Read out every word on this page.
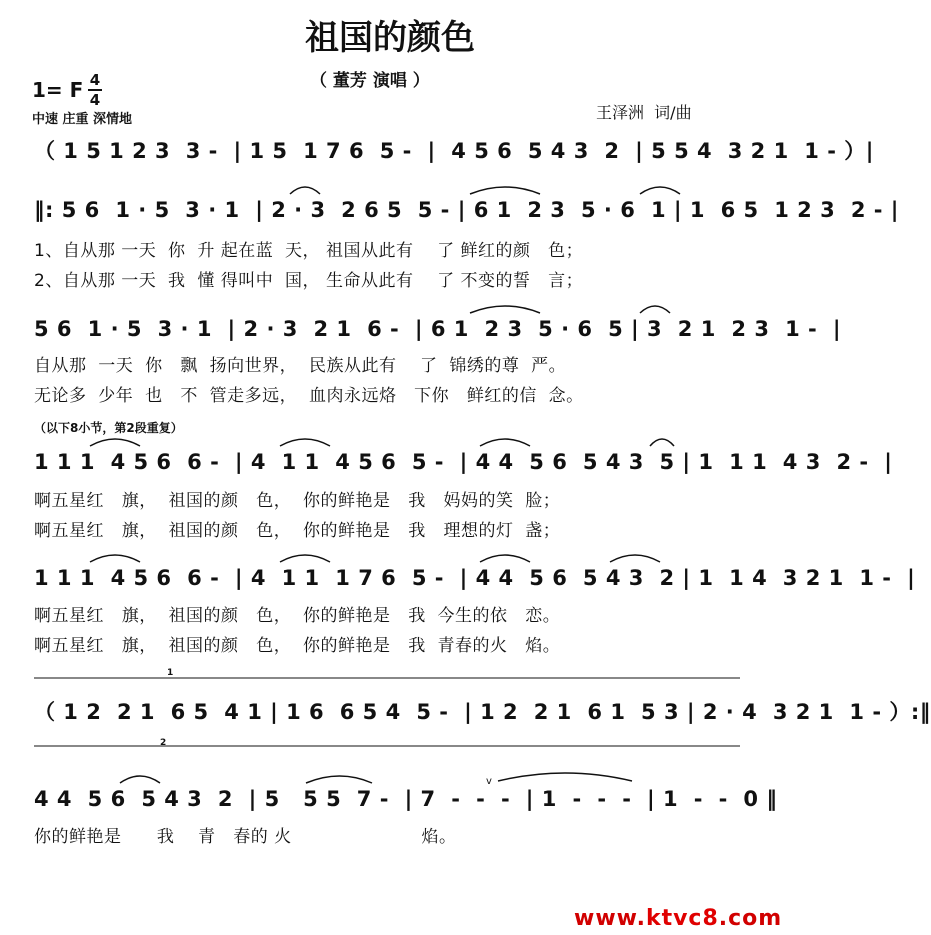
祖国的颜色
（ 董芳 演唱 ）
1= F 4
4
中速 庄重 深情地	王泽洲  词/曲
（ 1 5 1 2 3  3 -  | 1 5  1 7 6  5 -  |  4 5 6  5 4 3  2  | 5 5 4  3 2 1  1 - ）|
‖: 5 6  1 · 5  3 · 1  | 2 · 3  2 6 5  5 - | 6 1  2 3  5 · 6  1 | 1  6 5  1 2 3  2 - |
1、自从那 一天  你  升 起在蓝  天， 祖国从此有    了 鲜红的颜   色；
2、自从那 一天  我  懂 得叫中  国， 生命从此有    了 不变的誓   言；
5 6  1 · 5  3 · 1  | 2 · 3  2 1  6 -  | 6 1  2 3  5 · 6  5 | 3  2 1  2 3  1 -  |
自从那  一天  你   飘  扬向世界，  民族从此有    了  锦绣的尊  严。
无论多  少年  也   不  管走多远，  血肉永远烙   下你   鲜红的信  念。
（以下8小节，第2段重复）
1 1 1  4 5 6  6 -  | 4  1 1  4 5 6  5 -  | 4 4  5 6  5 4 3  5 | 1  1 1  4 3  2 -  |
啊五星红   旗，  祖国的颜   色，  你的鲜艳是   我   妈妈的笑  脸；
啊五星红   旗，  祖国的颜   色，  你的鲜艳是   我   理想的灯  盏；
1 1 1  4 5 6  6 -  | 4  1 1  1 7 6  5 -  | 4 4  5 6  5 4 3  2 | 1  1 4  3 2 1  1 -  |
啊五星红   旗，  祖国的颜   色，  你的鲜艳是   我  今生的依   恋。
啊五星红   旗，  祖国的颜   色，  你的鲜艳是   我  青春的火   焰。
1
2
（ 1 2  2 1  6 5  4 1 | 1 6  6 5 4  5 -  | 1 2  2 1  6 1  5 3 | 2 · 4  3 2 1  1 - ）:‖
v
4 4  5 6  5 4 3  2  | 5   5 5  7 -  | 7  -  -  -  | 1  -  -  -  | 1  -  -  0 ‖
你的鲜艳是      我    青   春的 火                      焰。
www.ktvc8.com
